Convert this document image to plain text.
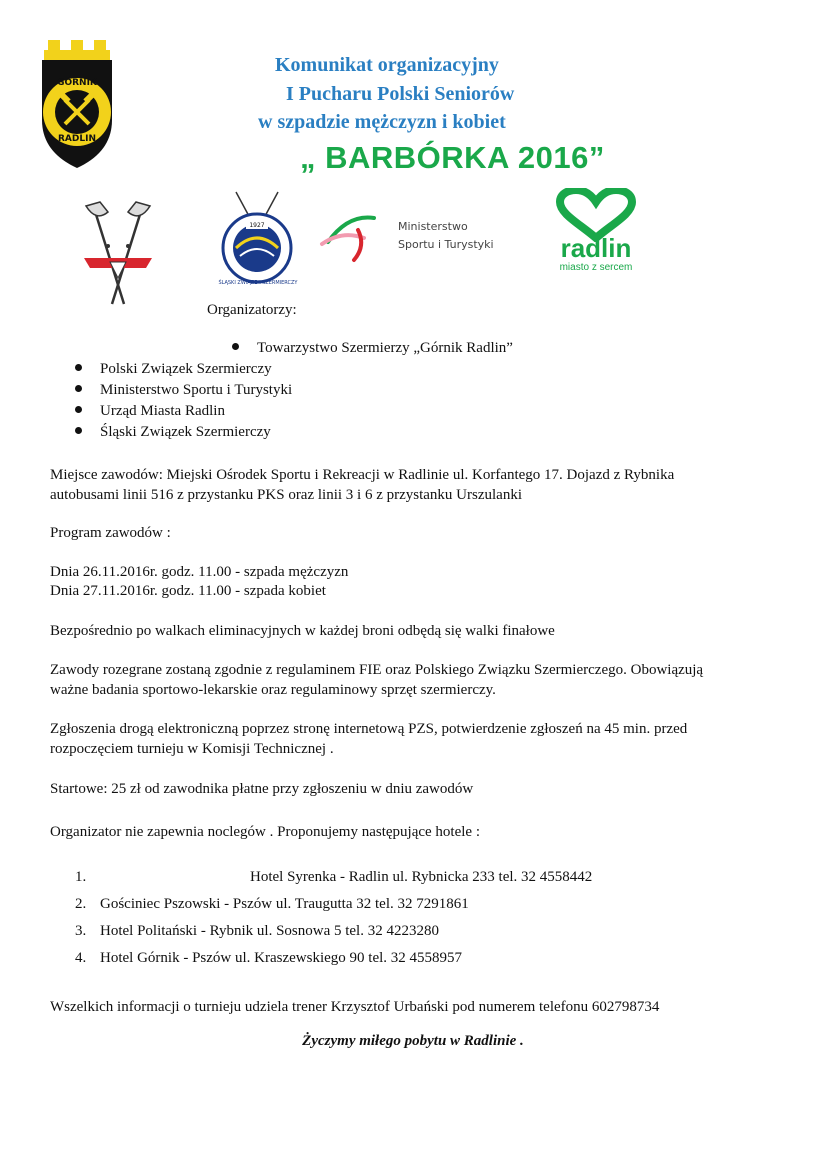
GÓRNIK
RADLIN
Komunikat organizacyjny
I Pucharu Polski Seniorów
w szpadzie mężczyzn i kobiet
„ BARBÓRKA 2016”
1927
ŚLĄSKI ZWIĄZEK SZERMIERCZY
Ministerstwo
Sportu i Turystyki	radlin
miasto z sercem
Organizatorzy:
Towarzystwo Szermierzy „Górnik Radlin”
Polski Związek Szermierczy
Ministerstwo Sportu i Turystyki
Urząd Miasta Radlin
Śląski Związek Szermierczy
Miejsce zawodów: Miejski Ośrodek Sportu i Rekreacji w Radlinie ul. Korfantego 17. Dojazd z Rybnika
autobusami linii 516 z przystanku PKS oraz linii 3 i 6 z przystanku Urszulanki
Program zawodów :
Dnia 26.11.2016r. godz. 11.00 - szpada mężczyzn
Dnia 27.11.2016r. godz. 11.00 - szpada kobiet
Bezpośrednio po walkach eliminacyjnych w każdej broni odbędą się walki finałowe
Zawody rozegrane zostaną zgodnie z regulaminem FIE oraz Polskiego Związku Szermierczego. Obowiązują
ważne badania sportowo-lekarskie oraz regulaminowy sprzęt szermierczy.
Zgłoszenia drogą elektroniczną poprzez stronę internetową PZS, potwierdzenie zgłoszeń na 45 min. przed
rozpoczęciem turnieju w Komisji Technicznej .
Startowe: 25 zł od zawodnika płatne przy zgłoszeniu w dniu zawodów
Organizator nie zapewnia noclegów . Proponujemy następujące hotele :
1.	Hotel Syrenka - Radlin ul. Rybnicka 233 tel. 32 4558442
2. Gościniec Pszowski - Pszów ul. Traugutta 32 tel. 32 7291861
3. Hotel Politański - Rybnik ul. Sosnowa 5 tel. 32 4223280
4. Hotel Górnik - Pszów ul. Kraszewskiego 90 tel. 32 4558957
Wszelkich informacji o turnieju udziela trener Krzysztof Urbański pod numerem telefonu 602798734
Życzymy miłego pobytu w Radlinie .
